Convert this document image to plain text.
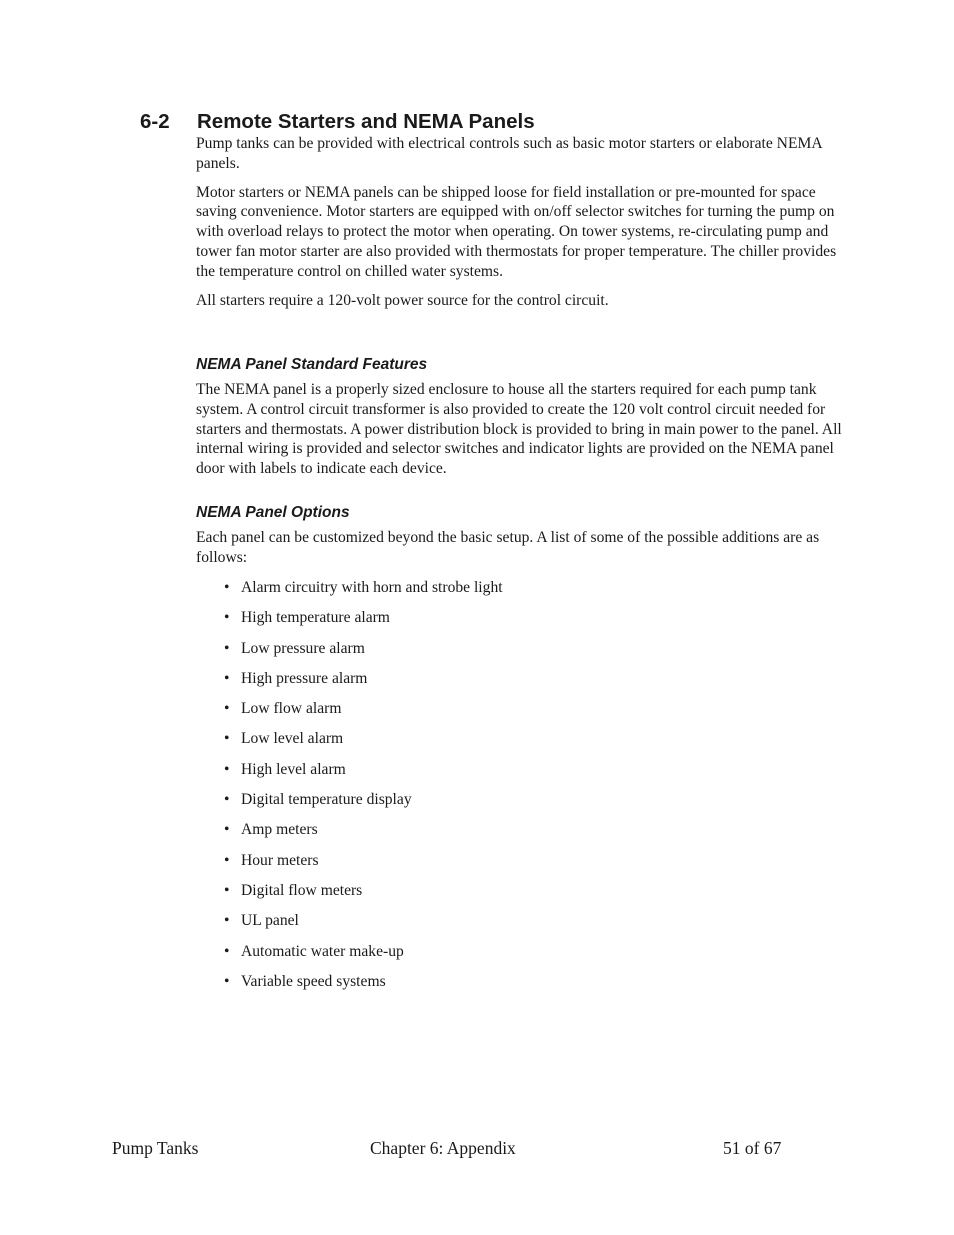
6-2 Remote Starters and NEMA Panels

Pump tanks can be provided with electrical controls such as basic motor starters or elaborate NEMA panels.

Motor starters or NEMA panels can be shipped loose for field installation or pre-mounted for space saving convenience. Motor starters are equipped with on/off selector switches for turning the pump on with overload relays to protect the motor when operating. On tower systems, re-circulating pump and tower fan motor starter are also provided with thermostats for proper temperature. The chiller provides the temperature control on chilled water systems.

All starters require a 120-volt power source for the control circuit.

NEMA Panel Standard Features

The NEMA panel is a properly sized enclosure to house all the starters required for each pump tank system. A control circuit transformer is also provided to create the 120 volt control circuit needed for starters and thermostats. A power distribution block is provided to bring in main power to the panel. All internal wiring is provided and selector switches and indicator lights are provided on the NEMA panel door with labels to indicate each device.

NEMA Panel Options

Each panel can be customized beyond the basic setup. A list of some of the possible additions are as follows:

• Alarm circuitry with horn and strobe light
• High temperature alarm
• Low pressure alarm
• High pressure alarm
• Low flow alarm
• Low level alarm
• High level alarm
• Digital temperature display
• Amp meters
• Hour meters
• Digital flow meters
• UL panel
• Automatic water make-up
• Variable speed systems
Pump Tanks	Chapter 6: Appendix	51 of 67
